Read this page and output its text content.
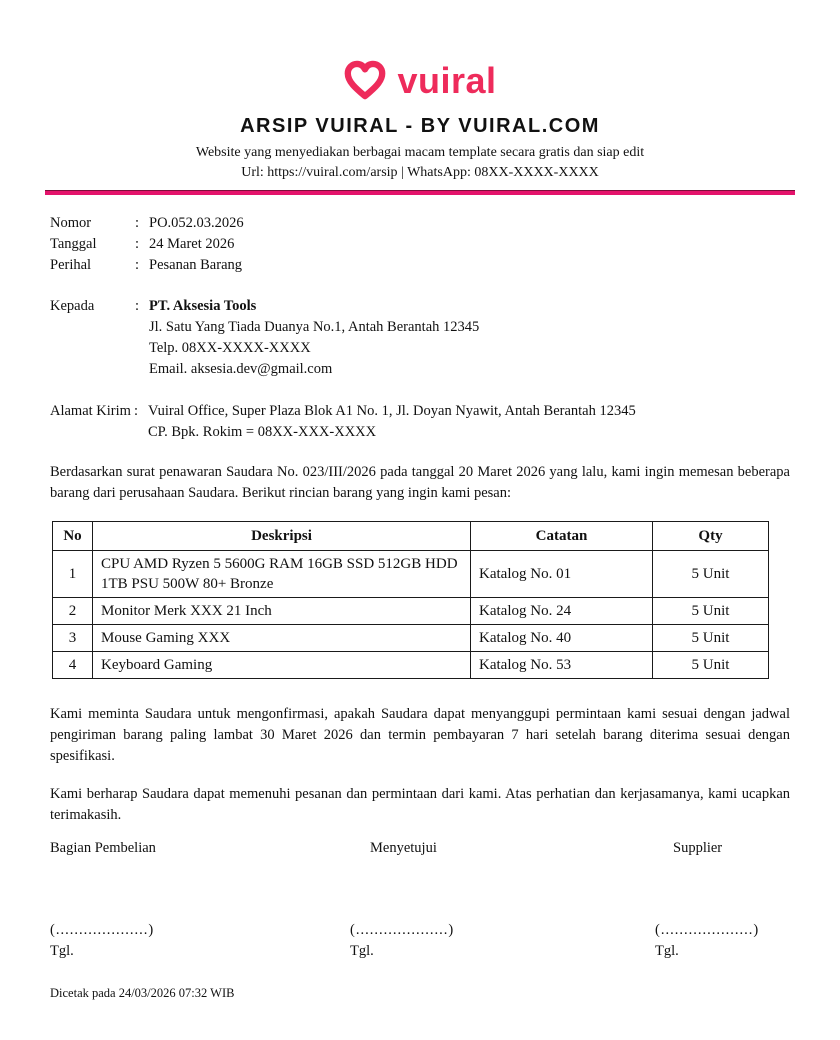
vuiral
ARSIP VUIRAL - BY VUIRAL.COM

Website yang menyediakan berbagai macam template secara gratis dan siap edit

Url: https://vuiral.com/arsip | WhatsApp: 08XX-XXXX-XXXX

Nomor	: PO.052.03.2026
Tanggal	: 24 Maret 2026
Perihal	: Pesanan Barang
Kepada	: PT. Aksesia Tools
Jl. Satu Yang Tiada Duanya No.1, Antah Berantah 12345
Telp. 08XX-XXXX-XXXX
Email. aksesia.dev@gmail.com
Alamat Kirim : Vuiral Office, Super Plaza Blok A1 No. 1, Jl. Doyan Nyawit, Antah Berantah 12345
CP. Bpk. Rokim = 08XX-XXX-XXXX

Berdasarkan surat penawaran Saudara No. 023/III/2026 pada tanggal 20 Maret 2026 yang lalu, kami ingin memesan beberapa barang dari perusahaan Saudara. Berikut rincian barang yang ingin kami pesan:

No	Deskripsi	Catatan	Qty
1	CPU AMD Ryzen 5 5600G RAM 16GB SSD 512GB HDD 1TB PSU 500W 80+ Bronze	Katalog No. 01	5 Unit
2	Monitor Merk XXX 21 Inch	Katalog No. 24	5 Unit
3	Mouse Gaming XXX	Katalog No. 40	5 Unit
4	Keyboard Gaming	Katalog No. 53	5 Unit

Kami meminta Saudara untuk mengonfirmasi, apakah Saudara dapat menyanggupi permintaan kami sesuai dengan jadwal pengiriman barang paling lambat 30 Maret 2026 dan termin pembayaran 7 hari setelah barang diterima sesuai dengan spesifikasi.

Kami berharap Saudara dapat memenuhi pesanan dan permintaan dari kami. Atas perhatian dan kerjasamanya, kami ucapkan terimakasih.

Bagian Pembelian
(....................)
Tgl.
Menyetujui
(....................)
Tgl.
Supplier
(....................)
Tgl.
Dicetak pada 24/03/2026 07:32 WIB
